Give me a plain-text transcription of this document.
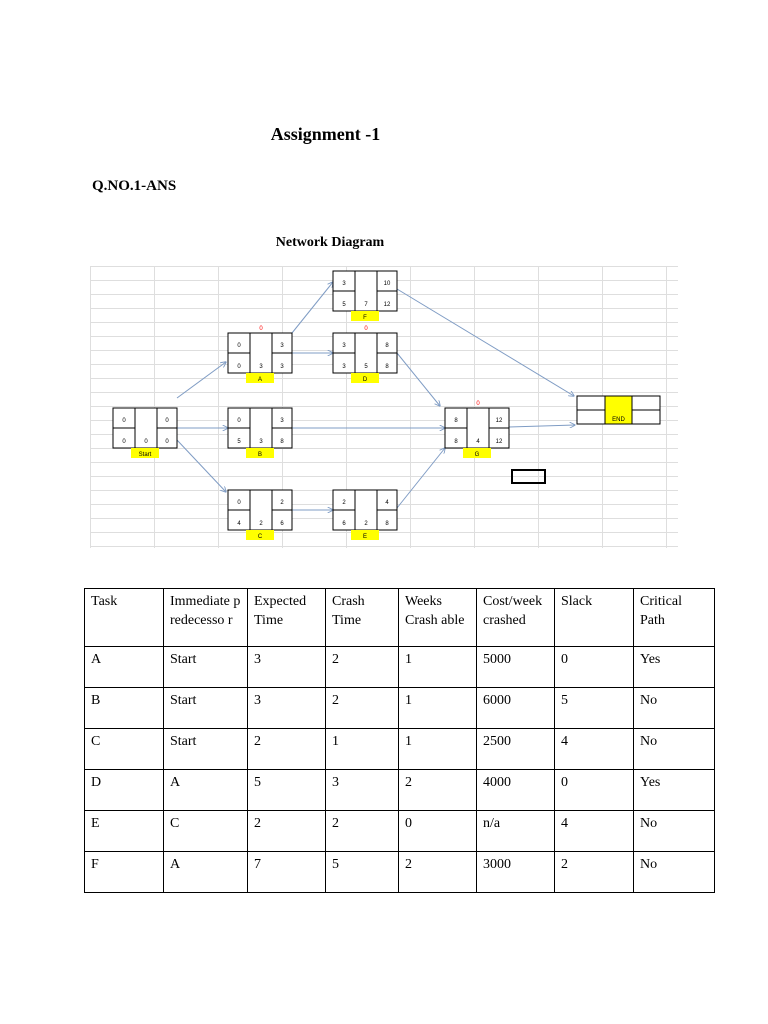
Assignment -1
Q.NO.1-ANS
Network Diagram
3	10
5	7	12
F
0	3
0	3	3
A
0
3	8
3	5	8
D
0
0	0
0	0	0
Start
0	3
5	3	8
B
8	12
8	4	12
G
0
0	2
4	2	6
C
2	4
6	2	8
E
END
Task	Immediate predecesso r	Expected Time	Crash Time	Weeks Crash able	Cost/week crashed	Slack	Critical Path
A	Start	3	2	1	5000	0	Yes
B	Start	3	2	1	6000	5	No
C	Start	2	1	1	2500	4	No
D	A	5	3	2	4000	0	Yes
E	C	2	2	0	n/a	4	No
F	A	7	5	2	3000	2	No
